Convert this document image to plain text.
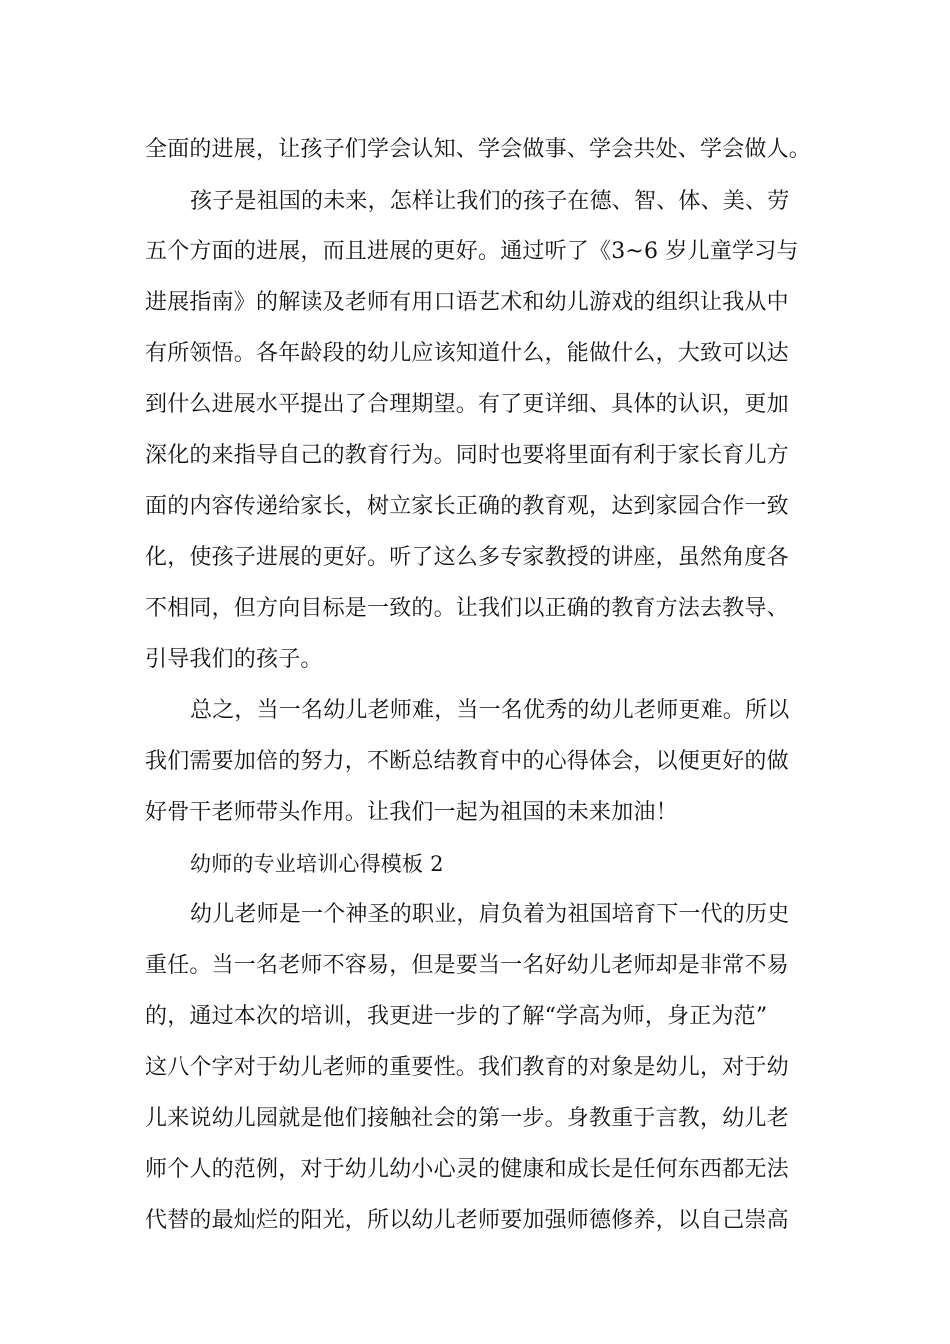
全面的进展，让孩子们学会认知、学会做事、学会共处、学会做人。
孩子是祖国的未来，怎样让我们的孩子在德、智、体、美、劳
五个方面的进展，而且进展的更好。通过听了《3~6 岁儿童学习与
进展指南》的解读及老师有用口语艺术和幼儿游戏的组织让我从中
有所领悟。各年龄段的幼儿应该知道什么，能做什么，大致可以达
到什么进展水平提出了合理期望。有了更详细、具体的认识，更加
深化的来指导自己的教育行为。同时也要将里面有利于家长育儿方
面的内容传递给家长，树立家长正确的教育观，达到家园合作一致
化，使孩子进展的更好。听了这么多专家教授的讲座，虽然角度各
不相同，但方向目标是一致的。让我们以正确的教育方法去教导、
引导我们的孩子。
总之，当一名幼儿老师难，当一名优秀的幼儿老师更难。所以
我们需要加倍的努力，不断总结教育中的心得体会，以便更好的做
好骨干老师带头作用。让我们一起为祖国的未来加油！
幼师的专业培训心得模板 2
幼儿老师是一个神圣的职业，肩负着为祖国培育下一代的历史
重任。当一名老师不容易，但是要当一名好幼儿老师却是非常不易
的，通过本次的培训，我更进一步的了解“学高为师，身正为范”
这八个字对于幼儿老师的重要性。我们教育的对象是幼儿，对于幼
儿来说幼儿园就是他们接触社会的第一步。身教重于言教，幼儿老
师个人的范例，对于幼儿幼小心灵的健康和成长是任何东西都无法
代替的最灿烂的阳光，所以幼儿老师要加强师德修养，以自己崇高
